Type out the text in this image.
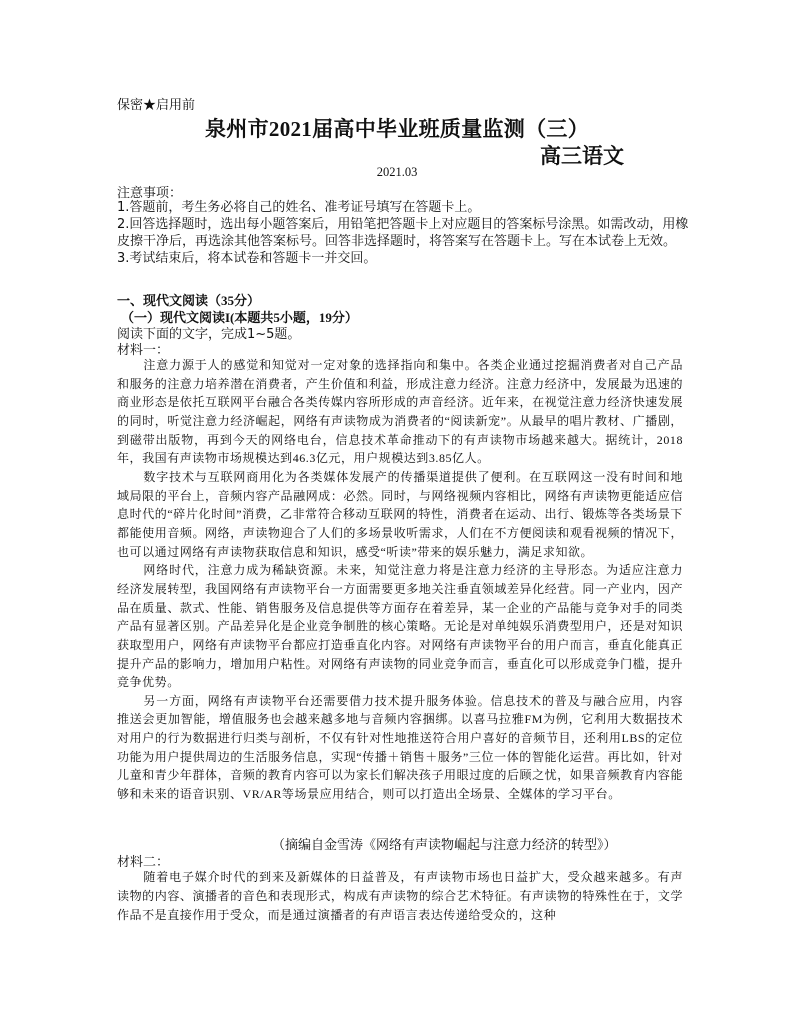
保密★启用前
泉州市2021届高中毕业班质量监测（三）
高三语文
2021.03
注意事项：

1.答题前，考生务必将自己的姓名、准考证号填写在答题卡上。

2.回答选择题时，选出每小题答案后，用铅笔把答题卡上对应题目的答案标号涂黑。如需改动，用橡皮擦干净后，再选涂其他答案标号。回答非选择题时，将答案写在答题卡上。写在本试卷上无效。

3.考试结束后，将本试卷和答题卡一并交回。

一、现代文阅读（35分）
（一）现代文阅读I(本题共5小题，19分）
阅读下面的文字，完成1~5题。
材料一：

注意力源于人的感觉和知觉对一定对象的选择指向和集中。各类企业通过挖掘消费者对自己产品和服务的注意力培养潜在消费者，产生价值和利益，形成注意力经济。注意力经济中，发展最为迅速的商业形态是依托互联网平台融合各类传媒内容所形成的声音经济。近年来，在视觉注意力经济快速发展的同时，听觉注意力经济崛起，网络有声读物成为消费者的“阅读新宠”。从最早的唱片教材、广播剧，到磁带出版物，再到今天的网络电台，信息技术革命推动下的有声读物市场越来越大。据统计，2018年，我国有声读物市场规模达到46.3亿元，用户规模达到3.85亿人。

数字技术与互联网商用化为各类媒体发展产的传播渠道提供了便利。在互联网这一没有时间和地域局限的平台上，音频内容产品融网成：必然。同时，与网络视频内容相比，网络有声读物更能适应信息时代的“碎片化时间”消费，乙非常符合移动互联网的特性，消费者在运动、出行、锻炼等各类场景下都能使用音频。网络，声读物迎合了人们的多场景收听需求，人们在不方便阅读和观看视频的情况下，也可以通过网络有声读物获取信息和知识，感受“听读”带来的娱乐魅力，满足求知欲。

网络时代，注意力成为稀缺资源。未来，知觉注意力将是注意力经济的主导形态。为适应注意力经济发展转型，我国网络有声读物平台一方面需要更多地关注垂直领域差异化经营。同一产业内，因产品在质量、款式、性能、销售服务及信息提供等方面存在着差异，某一企业的产品能与竞争对手的同类产品有显著区别。产品差异化是企业竞争制胜的核心策略。无论是对单纯娱乐消费型用户，还是对知识获取型用户，网络有声读物平台都应打造垂直化内容。对网络有声读物平台的用户而言，垂直化能真正提升产品的影响力，增加用户粘性。对网络有声读物的同业竞争而言，垂直化可以形成竞争门槛，提升竞争优势。

另一方面，网络有声读物平台还需要借力技术提升服务体验。信息技术的普及与融合应用，内容推送会更加智能，增值服务也会越来越多地与音频内容捆绑。以喜马拉雅FM为例，它利用大数据技术对用户的行为数据进行归类与剖析，不仅有针对性地推送符合用户喜好的音频节目，还利用LBS的定位功能为用户提供周边的生活服务信息，实现“传播＋销售＋服务”三位一体的智能化运营。再比如，针对儿童和青少年群体，音频的教育内容可以为家长们解决孩子用眼过度的后顾之忧，如果音频教育内容能够和未来的语音识别、VR/AR等场景应用结合，则可以打造出全场景、全媒体的学习平台。

（摘编自金雪涛《网络有声读物崛起与注意力经济的转型》）
材料二：

随着电子媒介时代的到来及新媒体的日益普及，有声读物市场也日益扩大，受众越来越多。有声读物的内容、演播者的音色和表现形式，构成有声读物的综合艺术特征。有声读物的特殊性在于，文学作品不是直接作用于受众，而是通过演播者的有声语言表达传递给受众的，这种
